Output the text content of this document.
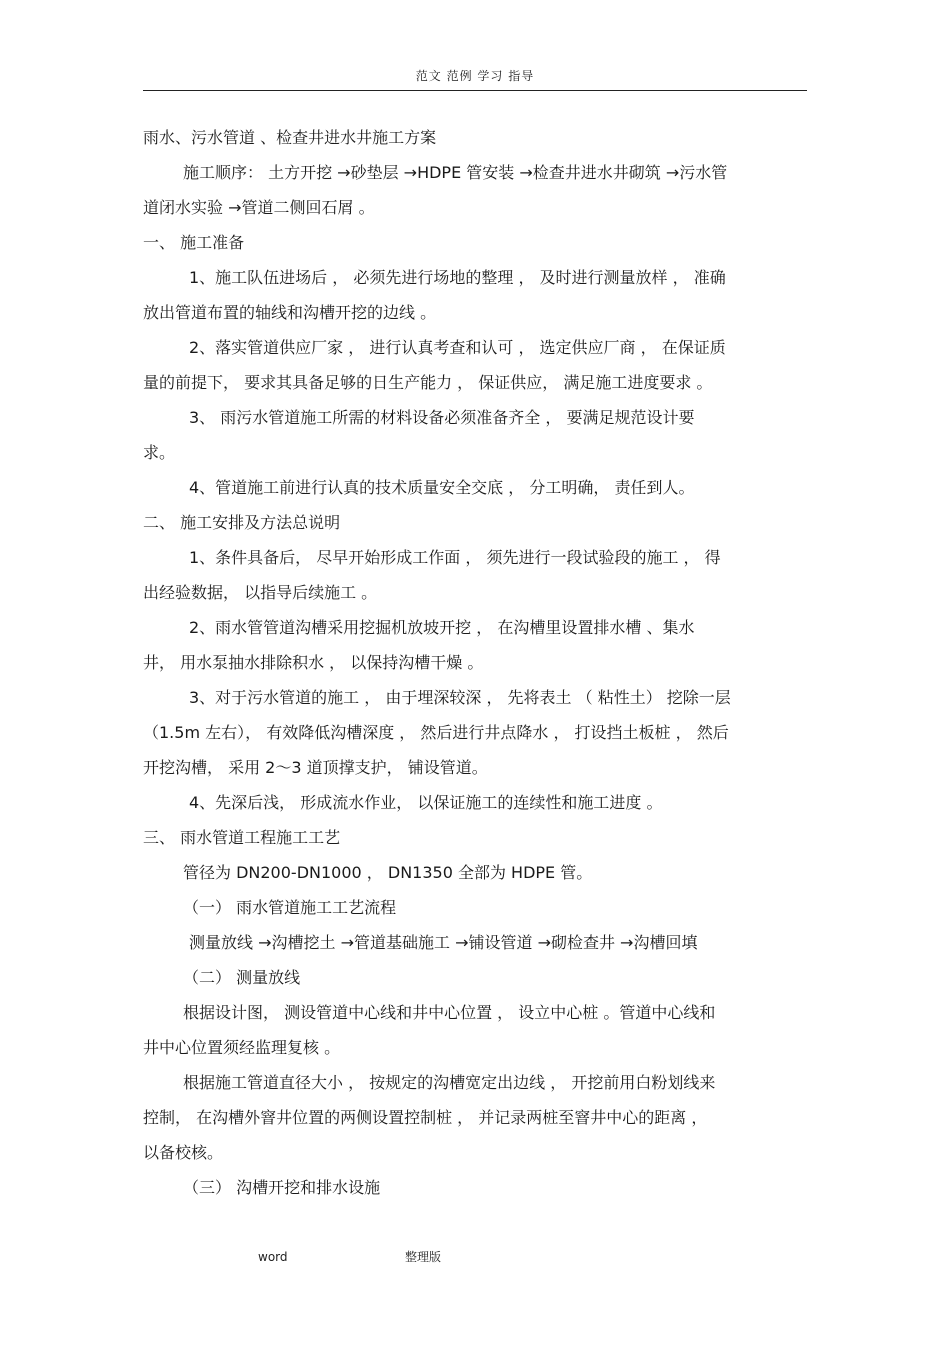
范文 范例 学习 指导

雨水、污水管道 、检查井进水井施工方案

施工顺序： 土方开挖 →砂垫层 →HDPE 管安装 →检查井进水井砌筑 →污水管

道闭水实验 →管道二侧回石屑 。

一、 施工准备

1、施工队伍进场后 ， 必须先进行场地的整理 ， 及时进行测量放样 ， 准确

放出管道布置的轴线和沟槽开挖的边线 。

2、落实管道供应厂家 ， 进行认真考查和认可 ， 选定供应厂商 ， 在保证质

量的前提下， 要求其具备足够的日生产能力 ， 保证供应， 满足施工进度要求 。

3、 雨污水管道施工所需的材料设备必须准备齐全 ， 要满足规范设计要

求。

4、管道施工前进行认真的技术质量安全交底 ， 分工明确， 责任到人。

二、 施工安排及方法总说明

1、条件具备后， 尽早开始形成工作面 ， 须先进行一段试验段的施工 ， 得

出经验数据， 以指导后续施工 。

2、雨水管管道沟槽采用挖掘机放坡开挖 ， 在沟槽里设置排水槽 、集水

井， 用水泵抽水排除积水 ， 以保持沟槽干燥 。

3、对于污水管道的施工 ， 由于埋深较深 ， 先将表土 （ 粘性土） 挖除一层

（1.5m 左右）， 有效降低沟槽深度 ， 然后进行井点降水 ， 打设挡土板桩 ， 然后

开挖沟槽， 采用 2～3 道顶撑支护， 铺设管道。

4、先深后浅， 形成流水作业， 以保证施工的连续性和施工进度 。

三、 雨水管道工程施工工艺

管径为 DN200-DN1000 ， DN1350 全部为 HDPE 管。

（一） 雨水管道施工工艺流程

测量放线 →沟槽挖土 →管道基础施工 →铺设管道 →砌检查井 →沟槽回填

（二） 测量放线

根据设计图， 测设管道中心线和井中心位置 ， 设立中心桩 。管道中心线和

井中心位置须经监理复核 。

根据施工管道直径大小 ， 按规定的沟槽宽定出边线 ， 开挖前用白粉划线来

控制， 在沟槽外窨井位置的两侧设置控制桩 ， 并记录两桩至窨井中心的距离 ，

以备校核。

（三） 沟槽开挖和排水设施

word	整理版
